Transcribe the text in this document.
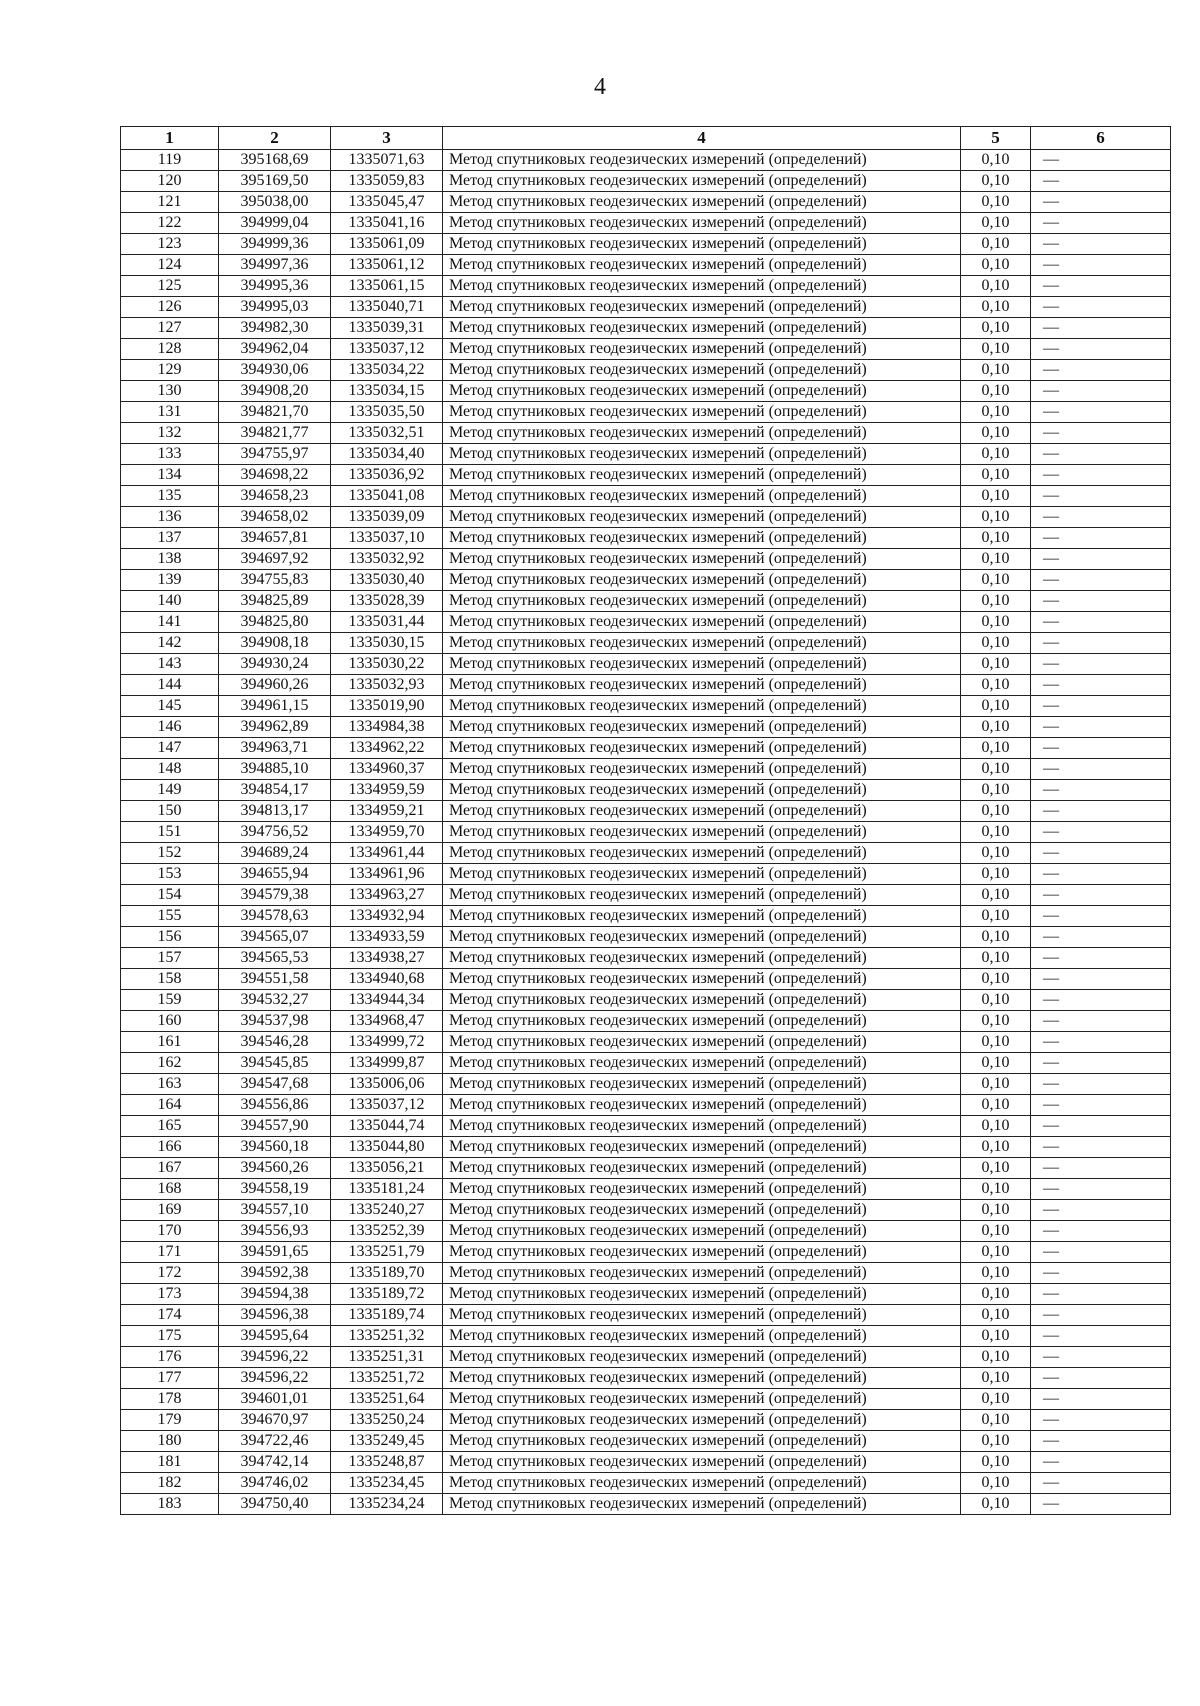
4
1	2	3	4	5	6
119	395168,69	1335071,63	Метод спутниковых геодезических измерений (определений)	0,10	—
120	395169,50	1335059,83	Метод спутниковых геодезических измерений (определений)	0,10	—
121	395038,00	1335045,47	Метод спутниковых геодезических измерений (определений)	0,10	—
122	394999,04	1335041,16	Метод спутниковых геодезических измерений (определений)	0,10	—
123	394999,36	1335061,09	Метод спутниковых геодезических измерений (определений)	0,10	—
124	394997,36	1335061,12	Метод спутниковых геодезических измерений (определений)	0,10	—
125	394995,36	1335061,15	Метод спутниковых геодезических измерений (определений)	0,10	—
126	394995,03	1335040,71	Метод спутниковых геодезических измерений (определений)	0,10	—
127	394982,30	1335039,31	Метод спутниковых геодезических измерений (определений)	0,10	—
128	394962,04	1335037,12	Метод спутниковых геодезических измерений (определений)	0,10	—
129	394930,06	1335034,22	Метод спутниковых геодезических измерений (определений)	0,10	—
130	394908,20	1335034,15	Метод спутниковых геодезических измерений (определений)	0,10	—
131	394821,70	1335035,50	Метод спутниковых геодезических измерений (определений)	0,10	—
132	394821,77	1335032,51	Метод спутниковых геодезических измерений (определений)	0,10	—
133	394755,97	1335034,40	Метод спутниковых геодезических измерений (определений)	0,10	—
134	394698,22	1335036,92	Метод спутниковых геодезических измерений (определений)	0,10	—
135	394658,23	1335041,08	Метод спутниковых геодезических измерений (определений)	0,10	—
136	394658,02	1335039,09	Метод спутниковых геодезических измерений (определений)	0,10	—
137	394657,81	1335037,10	Метод спутниковых геодезических измерений (определений)	0,10	—
138	394697,92	1335032,92	Метод спутниковых геодезических измерений (определений)	0,10	—
139	394755,83	1335030,40	Метод спутниковых геодезических измерений (определений)	0,10	—
140	394825,89	1335028,39	Метод спутниковых геодезических измерений (определений)	0,10	—
141	394825,80	1335031,44	Метод спутниковых геодезических измерений (определений)	0,10	—
142	394908,18	1335030,15	Метод спутниковых геодезических измерений (определений)	0,10	—
143	394930,24	1335030,22	Метод спутниковых геодезических измерений (определений)	0,10	—
144	394960,26	1335032,93	Метод спутниковых геодезических измерений (определений)	0,10	—
145	394961,15	1335019,90	Метод спутниковых геодезических измерений (определений)	0,10	—
146	394962,89	1334984,38	Метод спутниковых геодезических измерений (определений)	0,10	—
147	394963,71	1334962,22	Метод спутниковых геодезических измерений (определений)	0,10	—
148	394885,10	1334960,37	Метод спутниковых геодезических измерений (определений)	0,10	—
149	394854,17	1334959,59	Метод спутниковых геодезических измерений (определений)	0,10	—
150	394813,17	1334959,21	Метод спутниковых геодезических измерений (определений)	0,10	—
151	394756,52	1334959,70	Метод спутниковых геодезических измерений (определений)	0,10	—
152	394689,24	1334961,44	Метод спутниковых геодезических измерений (определений)	0,10	—
153	394655,94	1334961,96	Метод спутниковых геодезических измерений (определений)	0,10	—
154	394579,38	1334963,27	Метод спутниковых геодезических измерений (определений)	0,10	—
155	394578,63	1334932,94	Метод спутниковых геодезических измерений (определений)	0,10	—
156	394565,07	1334933,59	Метод спутниковых геодезических измерений (определений)	0,10	—
157	394565,53	1334938,27	Метод спутниковых геодезических измерений (определений)	0,10	—
158	394551,58	1334940,68	Метод спутниковых геодезических измерений (определений)	0,10	—
159	394532,27	1334944,34	Метод спутниковых геодезических измерений (определений)	0,10	—
160	394537,98	1334968,47	Метод спутниковых геодезических измерений (определений)	0,10	—
161	394546,28	1334999,72	Метод спутниковых геодезических измерений (определений)	0,10	—
162	394545,85	1334999,87	Метод спутниковых геодезических измерений (определений)	0,10	—
163	394547,68	1335006,06	Метод спутниковых геодезических измерений (определений)	0,10	—
164	394556,86	1335037,12	Метод спутниковых геодезических измерений (определений)	0,10	—
165	394557,90	1335044,74	Метод спутниковых геодезических измерений (определений)	0,10	—
166	394560,18	1335044,80	Метод спутниковых геодезических измерений (определений)	0,10	—
167	394560,26	1335056,21	Метод спутниковых геодезических измерений (определений)	0,10	—
168	394558,19	1335181,24	Метод спутниковых геодезических измерений (определений)	0,10	—
169	394557,10	1335240,27	Метод спутниковых геодезических измерений (определений)	0,10	—
170	394556,93	1335252,39	Метод спутниковых геодезических измерений (определений)	0,10	—
171	394591,65	1335251,79	Метод спутниковых геодезических измерений (определений)	0,10	—
172	394592,38	1335189,70	Метод спутниковых геодезических измерений (определений)	0,10	—
173	394594,38	1335189,72	Метод спутниковых геодезических измерений (определений)	0,10	—
174	394596,38	1335189,74	Метод спутниковых геодезических измерений (определений)	0,10	—
175	394595,64	1335251,32	Метод спутниковых геодезических измерений (определений)	0,10	—
176	394596,22	1335251,31	Метод спутниковых геодезических измерений (определений)	0,10	—
177	394596,22	1335251,72	Метод спутниковых геодезических измерений (определений)	0,10	—
178	394601,01	1335251,64	Метод спутниковых геодезических измерений (определений)	0,10	—
179	394670,97	1335250,24	Метод спутниковых геодезических измерений (определений)	0,10	—
180	394722,46	1335249,45	Метод спутниковых геодезических измерений (определений)	0,10	—
181	394742,14	1335248,87	Метод спутниковых геодезических измерений (определений)	0,10	—
182	394746,02	1335234,45	Метод спутниковых геодезических измерений (определений)	0,10	—
183	394750,40	1335234,24	Метод спутниковых геодезических измерений (определений)	0,10	—
